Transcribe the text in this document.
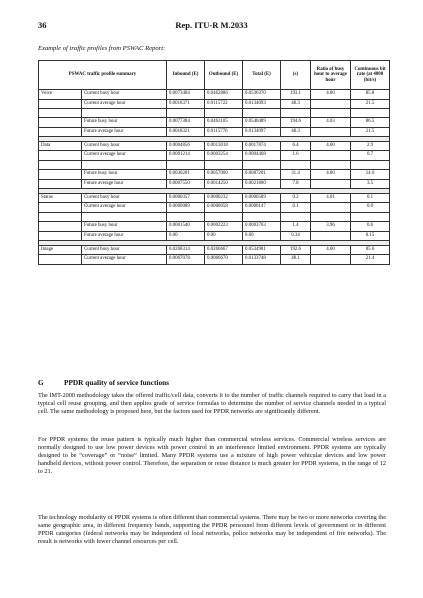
36	Rep. ITU-R M.2033
Example of traffic profiles from PSWAC Report:
PSWAC traffic profile summary		Inbound (E)	Outbound (E)	Total (E)	(s)	Ratio of busy hour to average hour	Continuous bit rate (at 4800 (bit/s)
Voice	Current busy hour	0.0073484	0.0462886	0.0536370	193.1	4.00	85.8
	Current average hour	0.0018371	0.0115722	0.0134093	48.3		21.5

	Future busy hour	0.0077384	0.0463105	0.0540489	194.6	4.03	86.5
	Future average hour	0.0018321	0.0115776	0.0134097	48.3		21.5

Data	Current busy hour	0.0004856	0.0013018	0.0017874	6.4	4.00	2.9
	Current average hour	0.0001214	0.0003254	0.0004468	1.6		0.7

	Future busy hour	0.0030201	0.0057000	0.0087201	31.4	4.00	14.0
	Future average hour	0.0007550	0.0014250	0.0021800	7.8		3.5

Status	Current busy hour	0.0000357	0.0000232	0.0000589	0.2	4.01	0.1
	Current average hour	0.0000089	0.0000058	0.0000147	0.1		0.0

	Future busy hour	0.0001540	0.0002223	0.0003763	1.4	3.96	0.6
	Future average hour	0.00	0.00	0.00	0.34		0.15

Image	Current busy hour	0.0268314	0.0266667	0.0534981	192.6	4.00	85.6
	Current average hour	0.0067078	0.0066670	0.0133748	48.1		21.4
G	PPDR quality of service functions

The IMT-2000 methodology takes the offered traffic/cell data, converts it to the number of traffic channels required to carry that load in a typical cell reuse grouping, and then applies grade of service formulas to determine the number of service channels needed in a typical cell. The same methodology is proposed here, but the factors used for PPDR networks are significantly different.

For PPDR systems the reuse pattern is typically much higher than commercial wireless services. Commercial wireless services are normally designed to use low power devices with power control in an interference limited environment. PPDR systems are typically designed to be “coverage” or “noise” limited. Many PPDR systems use a mixture of high power vehicular devices and low power handheld devices, without power control. Therefore, the separation or reuse distance is much greater for PPDR systems, in the range of 12 to 21.

The technology modularity of PPDR systems is often different than commercial systems. There may be two or more networks covering the same geographic area, in different frequency bands, supporting the PPDR personnel from different levels of government or in different PPDR categories (federal networks may be independent of local networks, police networks may be independent of fire networks). The result is networks with fewer channel resources per cell.
